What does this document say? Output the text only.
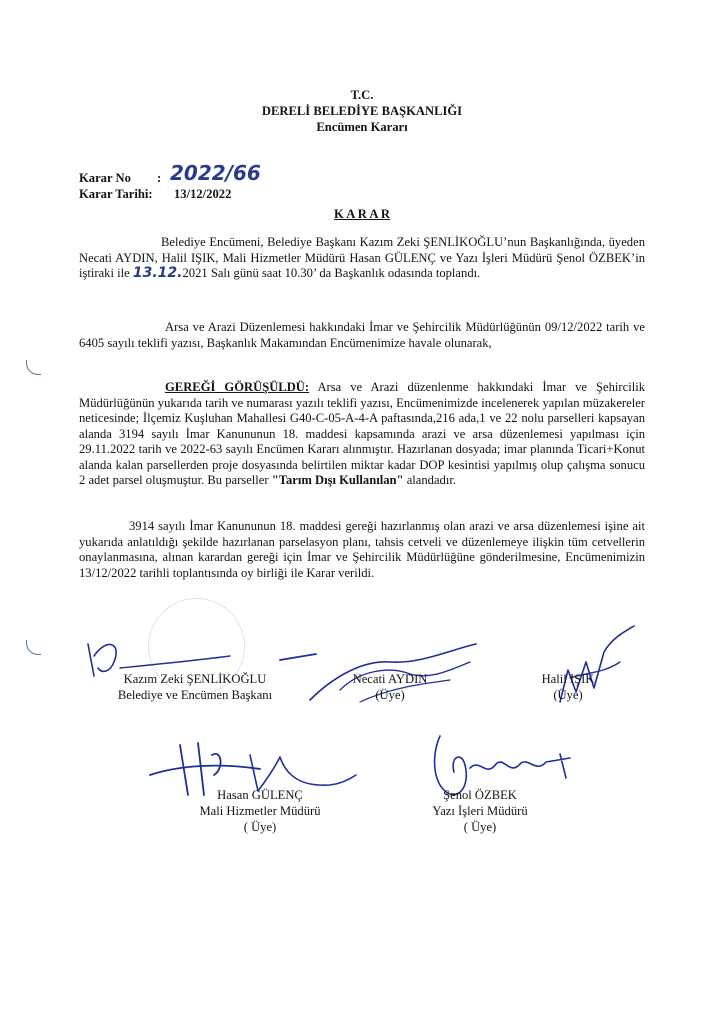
T.C.
DERELİ BELEDİYE BAŞKANLIĞI
Encümen Kararı
Karar No : 2022/66
Karar Tarihi: 13/12/2022
K A R A R
Belediye Encümeni, Belediye Başkanı Kazım Zeki ŞENLİKOĞLU’nun Başkanlığında, üyeden Necati AYDIN, Halil IŞIK, Mali Hizmetler Müdürü Hasan GÜLENÇ ve Yazı İşleri Müdürü Şenol ÖZBEK’in iştiraki ile 13.12.2021 Salı günü saat 10.30’ da Başkanlık odasında toplandı.
Arsa ve Arazi Düzenlemesi hakkındaki İmar ve Şehircilik Müdürlüğünün 09/12/2022 tarih ve 6405 sayılı teklifi yazısı, Başkanlık Makamından Encümenimize havale olunarak,
GEREĞİ GÖRÜŞÜLDÜ: Arsa ve Arazi düzenlenme hakkındaki İmar ve Şehircilik Müdürlüğünün yukarıda tarih ve numarası yazılı teklifi yazısı, Encümenimizde incelenerek yapılan müzakereler neticesinde; İlçemiz Kuşluhan Mahallesi G40-C-05-A-4-A paftasında,216 ada,1 ve 22 nolu parselleri kapsayan alanda 3194 sayılı İmar Kanununun 18. maddesi kapsamında arazi ve arsa düzenlemesi yapılması için 29.11.2022 tarih ve 2022-63 sayılı Encümen Kararı alınmıştır. Hazırlanan dosyada; imar planında Ticari+Konut alanda kalan parsellerden proje dosyasında belirtilen miktar kadar DOP kesintisi yapılmış olup çalışma sonucu 2 adet parsel oluşmuştur. Bu parseller "Tarım Dışı Kullanılan" alandadır.
3914 sayılı İmar Kanununun 18. maddesi gereği hazırlanmış olan arazi ve arsa düzenlemesi işine ait yukarıda anlatıldığı şekilde hazırlanan parselasyon planı, tahsis cetveli ve düzenlemeye ilişkin tüm cetvellerin onaylanmasına, alınan karardan gereği için İmar ve Şehircilik Müdürlüğüne gönderilmesine, Encümenimizin 13/12/2022 tarihli toplantısında oy birliği ile Karar verildi.
Kazım Zeki ŞENLİKOĞLU
Belediye ve Encümen Başkanı
Necati AYDIN
(Üye)
Halil IŞIK
(Üye)
Hasan GÜLENÇ
Mali Hizmetler Müdürü
( Üye)
Şenol ÖZBEK
Yazı İşleri Müdürü
( Üye)
